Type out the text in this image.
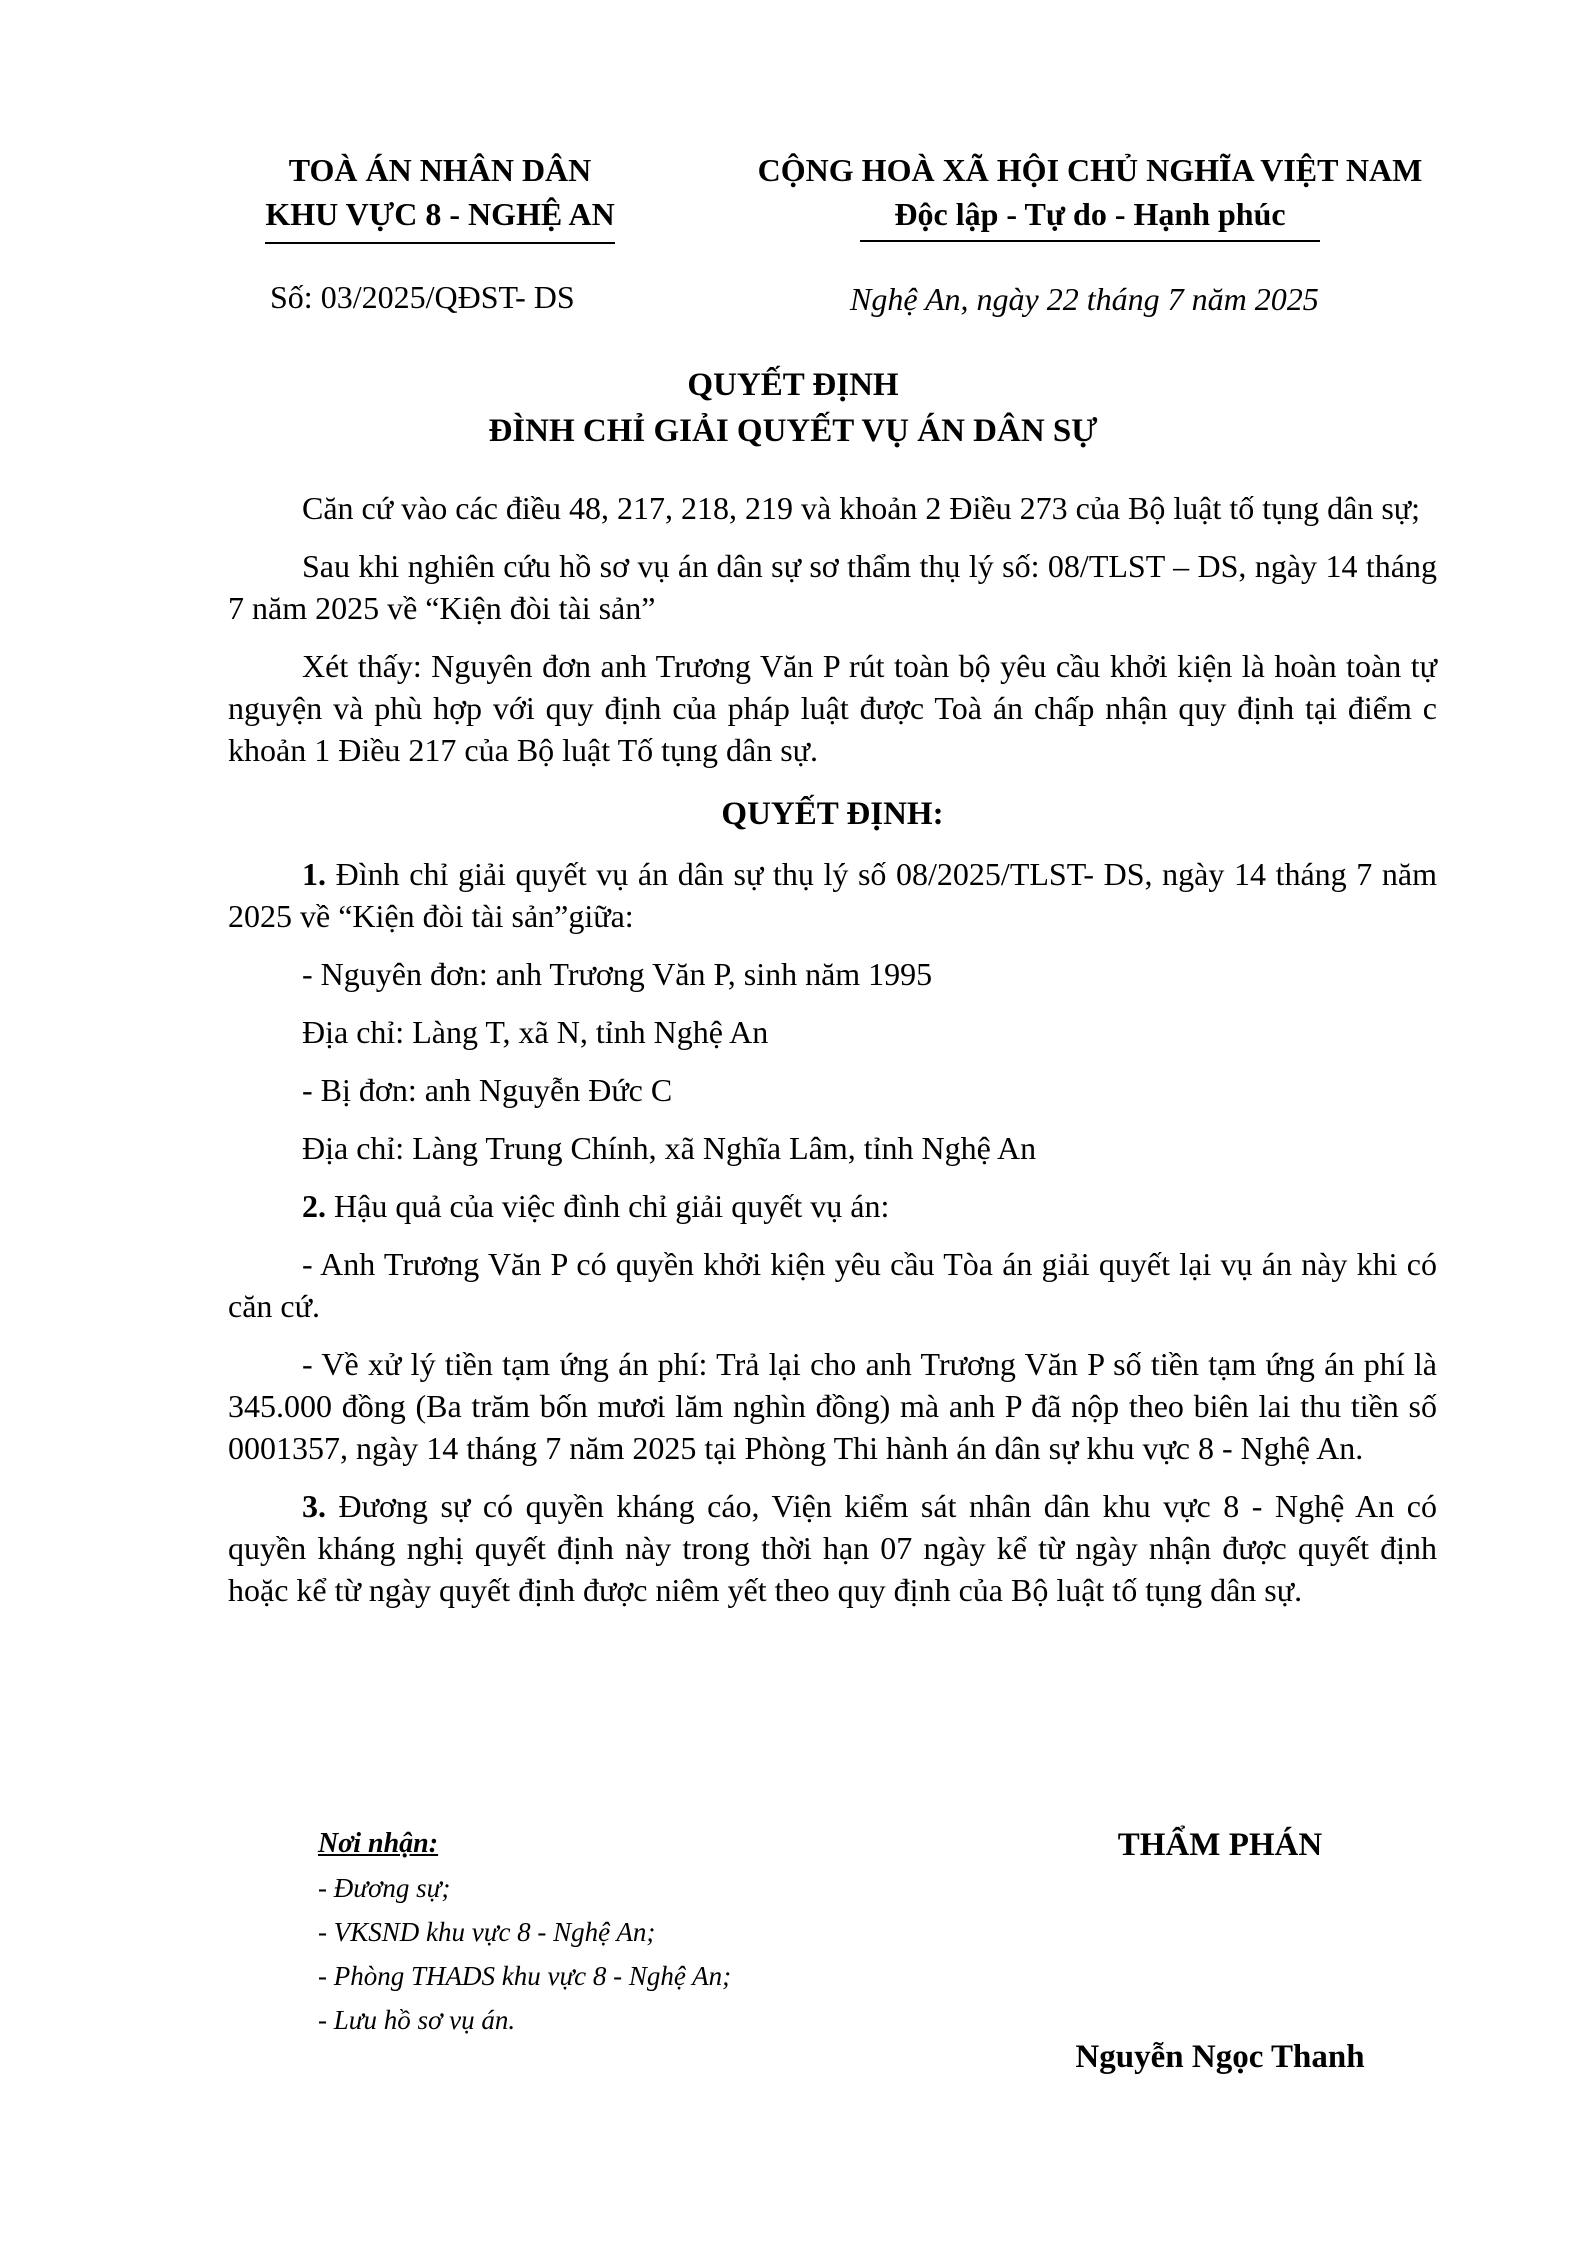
TOÀ ÁN NHÂN DÂN
KHU VỰC 8 - NGHỆ AN
CỘNG HOÀ XÃ HỘI CHỦ NGHĨA VIỆT NAM
Độc lập - Tự do - Hạnh phúc
Số: 03/2025/QĐST- DS	Nghệ An, ngày 22 tháng 7 năm 2025
QUYẾT ĐỊNH
ĐÌNH CHỈ GIẢI QUYẾT VỤ ÁN DÂN SỰ

Căn cứ vào các điều 48, 217, 218, 219 và khoản 2 Điều 273 của Bộ luật tố tụng dân sự;

Sau khi nghiên cứu hồ sơ vụ án dân sự sơ thẩm thụ lý số: 08/TLST – DS, ngày 14 tháng 7 năm 2025 về “Kiện đòi tài sản”

Xét thấy: Nguyên đơn anh Trương Văn P rút toàn bộ yêu cầu khởi kiện là hoàn toàn tự nguyện và phù hợp với quy định của pháp luật được Toà án chấp nhận quy định tại điểm c khoản 1 Điều 217 của Bộ luật Tố tụng dân sự.

QUYẾT ĐỊNH:

1. Đình chỉ giải quyết vụ án dân sự thụ lý số 08/2025/TLST- DS, ngày 14 tháng 7 năm 2025 về “Kiện đòi tài sản”giữa:

- Nguyên đơn: anh Trương Văn P, sinh năm 1995

Địa chỉ: Làng T, xã N, tỉnh Nghệ An

- Bị đơn: anh Nguyễn Đức C

Địa chỉ: Làng Trung Chính, xã Nghĩa Lâm, tỉnh Nghệ An

2. Hậu quả của việc đình chỉ giải quyết vụ án:

- Anh Trương Văn P có quyền khởi kiện yêu cầu Tòa án giải quyết lại vụ án này khi có căn cứ.

- Về xử lý tiền tạm ứng án phí: Trả lại cho anh Trương Văn P số tiền tạm ứng án phí là 345.000 đồng (Ba trăm bốn mươi lăm nghìn đồng) mà anh P đã nộp theo biên lai thu tiền số 0001357, ngày 14 tháng 7 năm 2025 tại Phòng Thi hành án dân sự khu vực 8 - Nghệ An.

3. Đương sự có quyền kháng cáo, Viện kiểm sát nhân dân khu vực 8 - Nghệ An có quyền kháng nghị quyết định này trong thời hạn 07 ngày kể từ ngày nhận được quyết định hoặc kể từ ngày quyết định được niêm yết theo quy định của Bộ luật tố tụng dân sự.

Nơi nhận:
- Đương sự;
- VKSND khu vực 8 - Nghệ An;
- Phòng THADS khu vực 8 - Nghệ An;
- Lưu hồ sơ vụ án.
THẨM PHÁN
Nguyễn Ngọc Thanh
